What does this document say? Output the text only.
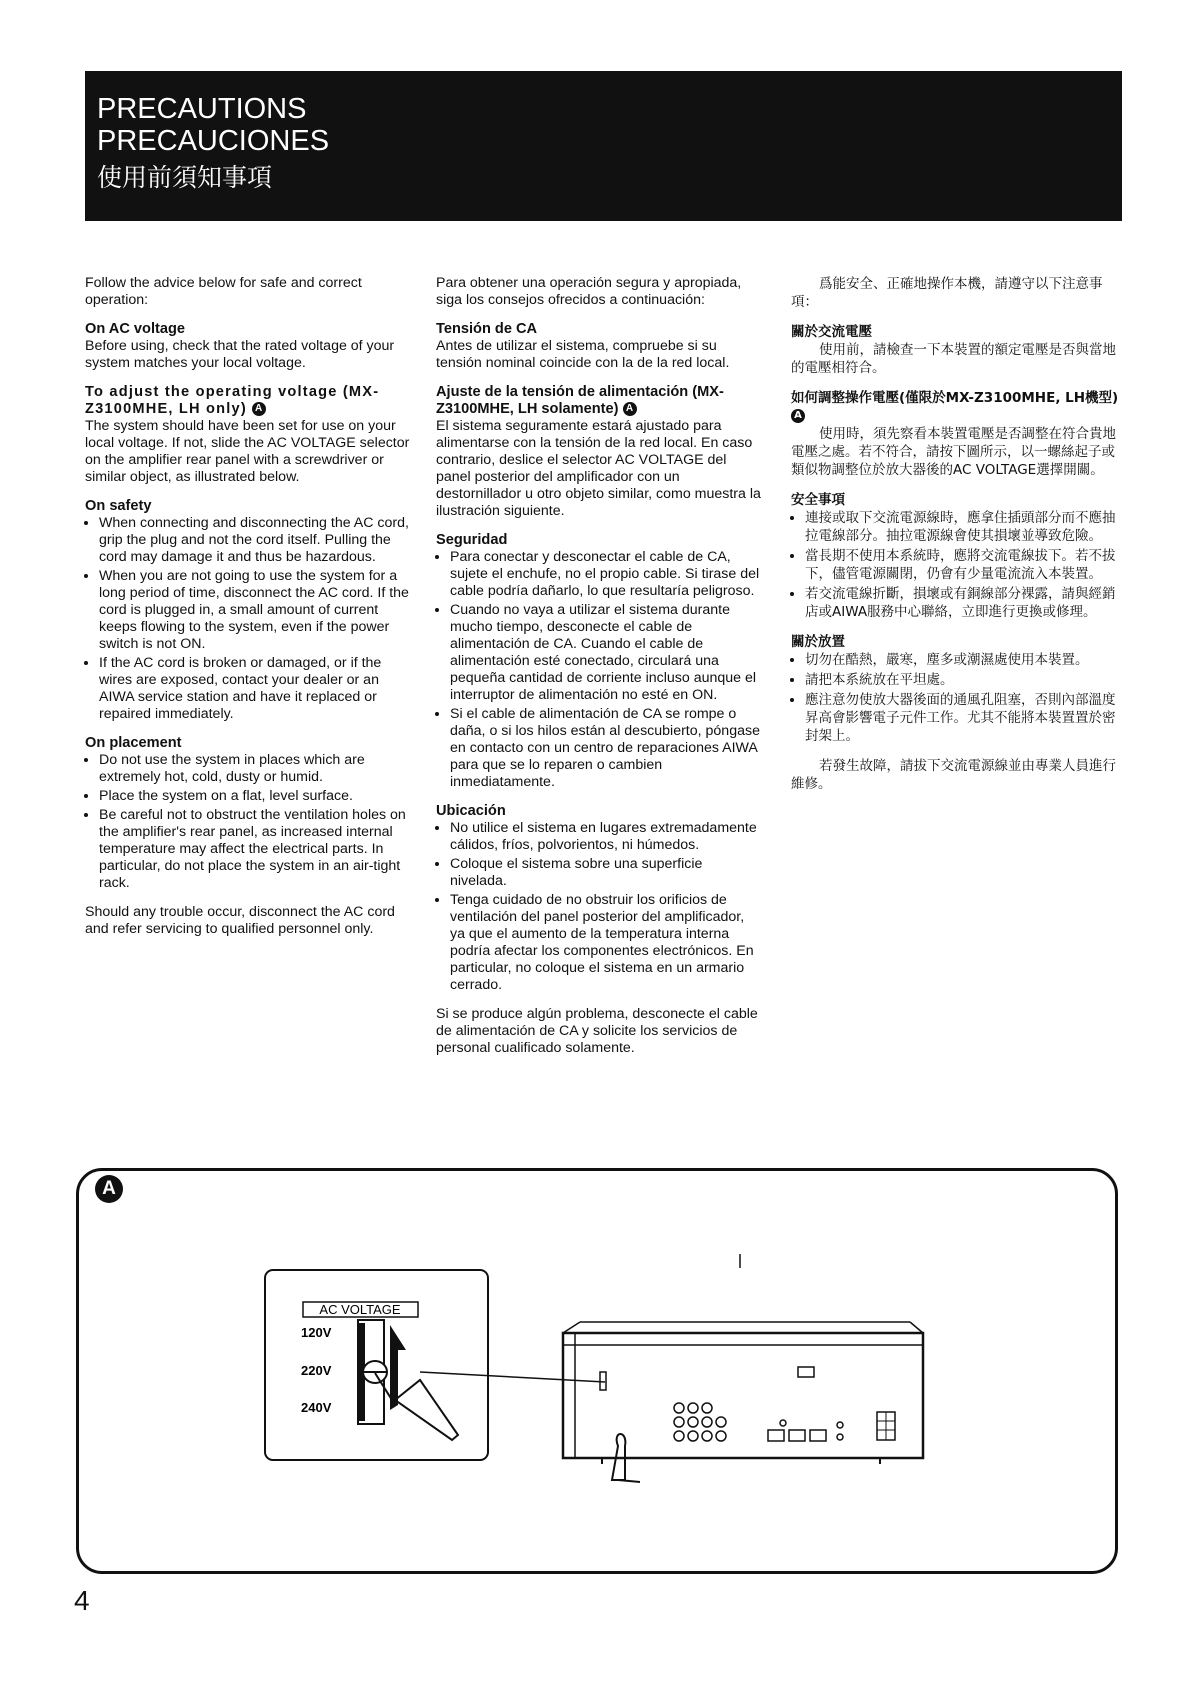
PRECAUTIONS
PRECAUCIONES
使用前須知事項

Follow the advice below for safe and correct operation:

On AC voltage

Before using, check that the rated voltage of your system matches your local voltage.

To adjust the operating voltage (MX-Z3100MHE, LH only) A

The system should have been set for use on your local voltage. If not, slide the AC VOLTAGE selector on the amplifier rear panel with a screwdriver or similar object, as illustrated below.

On safety
• When connecting and disconnecting the AC cord, grip the plug and not the cord itself. Pulling the cord may damage it and thus be hazardous.
• When you are not going to use the system for a long period of time, disconnect the AC cord. If the cord is plugged in, a small amount of current keeps flowing to the system, even if the power switch is not ON.
• If the AC cord is broken or damaged, or if the wires are exposed, contact your dealer or an AIWA service station and have it replaced or repaired immediately.
On placement
• Do not use the system in places which are extremely hot, cold, dusty or humid.
• Place the system on a flat, level surface.
• Be careful not to obstruct the ventilation holes on the amplifier's rear panel, as increased internal temperature may affect the electrical parts. In particular, do not place the system in an air-tight rack.

Should any trouble occur, disconnect the AC cord and refer servicing to qualified personnel only.

Para obtener una operación segura y apropiada, siga los consejos ofrecidos a continuación:

Tensión de CA

Antes de utilizar el sistema, compruebe si su tensión nominal coincide con la de la red local.

Ajuste de la tensión de alimentación (MX-Z3100MHE, LH solamente) A

El sistema seguramente estará ajustado para alimentarse con la tensión de la red local. En caso contrario, deslice el selector AC VOLTAGE del panel posterior del amplificador con un destornillador u otro objeto similar, como muestra la ilustración siguiente.

Seguridad
• Para conectar y desconectar el cable de CA, sujete el enchufe, no el propio cable. Si tirase del cable podría dañarlo, lo que resultaría peligroso.
• Cuando no vaya a utilizar el sistema durante mucho tiempo, desconecte el cable de alimentación de CA. Cuando el cable de alimentación esté conectado, circulará una pequeña cantidad de corriente incluso aunque el interruptor de alimentación no esté en ON.
• Si el cable de alimentación de CA se rompe o daña, o si los hilos están al descubierto, póngase en contacto con un centro de reparaciones AIWA para que se lo reparen o cambien inmediatamente.
Ubicación
• No utilice el sistema en lugares extremadamente cálidos, fríos, polvorientos, ni húmedos.
• Coloque el sistema sobre una superficie nivelada.
• Tenga cuidado de no obstruir los orificios de ventilación del panel posterior del amplificador, ya que el aumento de la temperatura interna podría afectar los componentes electrónicos. En particular, no coloque el sistema en un armario cerrado.

Si se produce algún problema, desconecte el cable de alimentación de CA y solicite los servicios de personal cualificado solamente.

爲能安全、正確地操作本機，請遵守以下注意事項：

關於交流電壓

使用前，請檢查一下本裝置的額定電壓是否與當地的電壓相符合。

如何調整操作電壓(僅限於MX-Z3100MHE, LH機型) A

使用時，須先察看本裝置電壓是否調整在符合貴地電壓之處。若不符合，請按下圖所示，以一螺絲起子或類似物調整位於放大器後的AC VOLTAGE選擇開關。

安全事項
• 連接或取下交流電源線時，應拿住插頭部分而不應抽拉電線部分。抽拉電源線會使其損壞並導致危險。
• 當長期不使用本系統時，應將交流電線拔下。若不拔下，儘管電源關閉，仍會有少量電流流入本裝置。
• 若交流電線折斷，損壞或有銅線部分裸露，請與經銷店或AIWA服務中心聯絡，立即進行更換或修理。
關於放置
• 切勿在酷熱，嚴寒，塵多或潮濕處使用本裝置。
• 請把本系統放在平坦處。
• 應注意勿使放大器後面的通風孔阻塞，否則內部溫度昇高會影響電子元件工作。尤其不能將本裝置置於密封架上。

若發生故障，請拔下交流電源線並由專業人員進行維修。

A
AC VOLTAGE
120V
220V
240V
4
